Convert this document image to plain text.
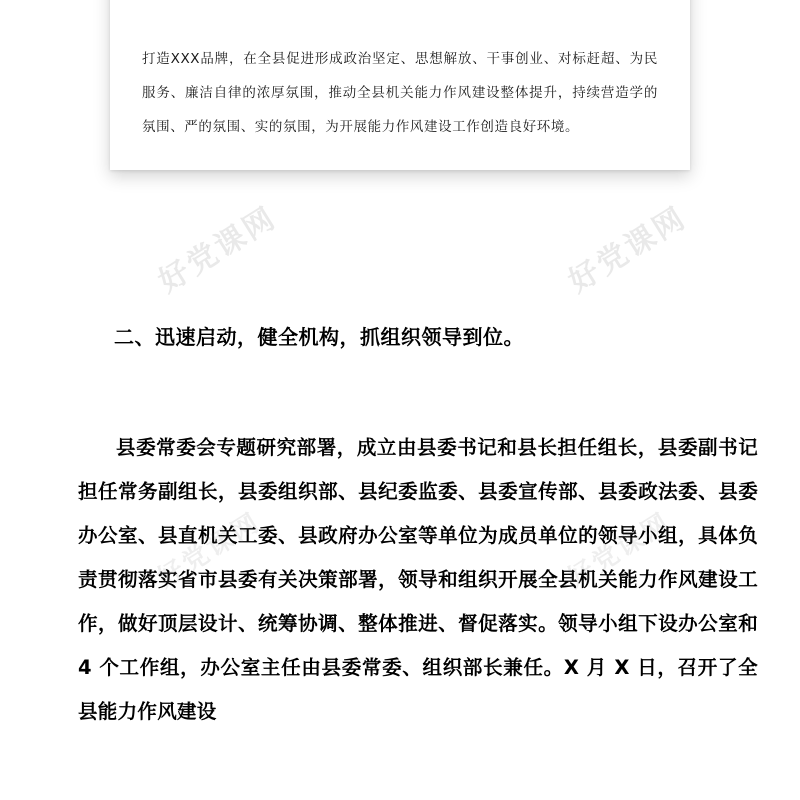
打造XXX品牌，在全县促进形成政治坚定、思想解放、干事创业、对标赶超、为民服务、廉洁自律的浓厚氛围，推动全县机关能力作风建设整体提升，持续营造学的氛围、严的氛围、实的氛围，为开展能力作风建设工作创造良好环境。

二、迅速启动，健全机构，抓组织领导到位。
县委常委会专题研究部署，成立由县委书记和县长担任组长，县委副书记担任常务副组长，县委组织部、县纪委监委、县委宣传部、县委政法委、县委办公室、县直机关工委、县政府办公室等单位为成员单位的领导小组，具体负责贯彻落实省市县委有关决策部署，领导和组织开展全县机关能力作风建设工作，做好顶层设计、统筹协调、整体推进、督促落实。领导小组下设办公室和 4 个工作组，办公室主任由县委常委、组织部长兼任。X 月 X 日，召开了全县能力作风建设
好党课网	好党课网
好党课网	好党课网
